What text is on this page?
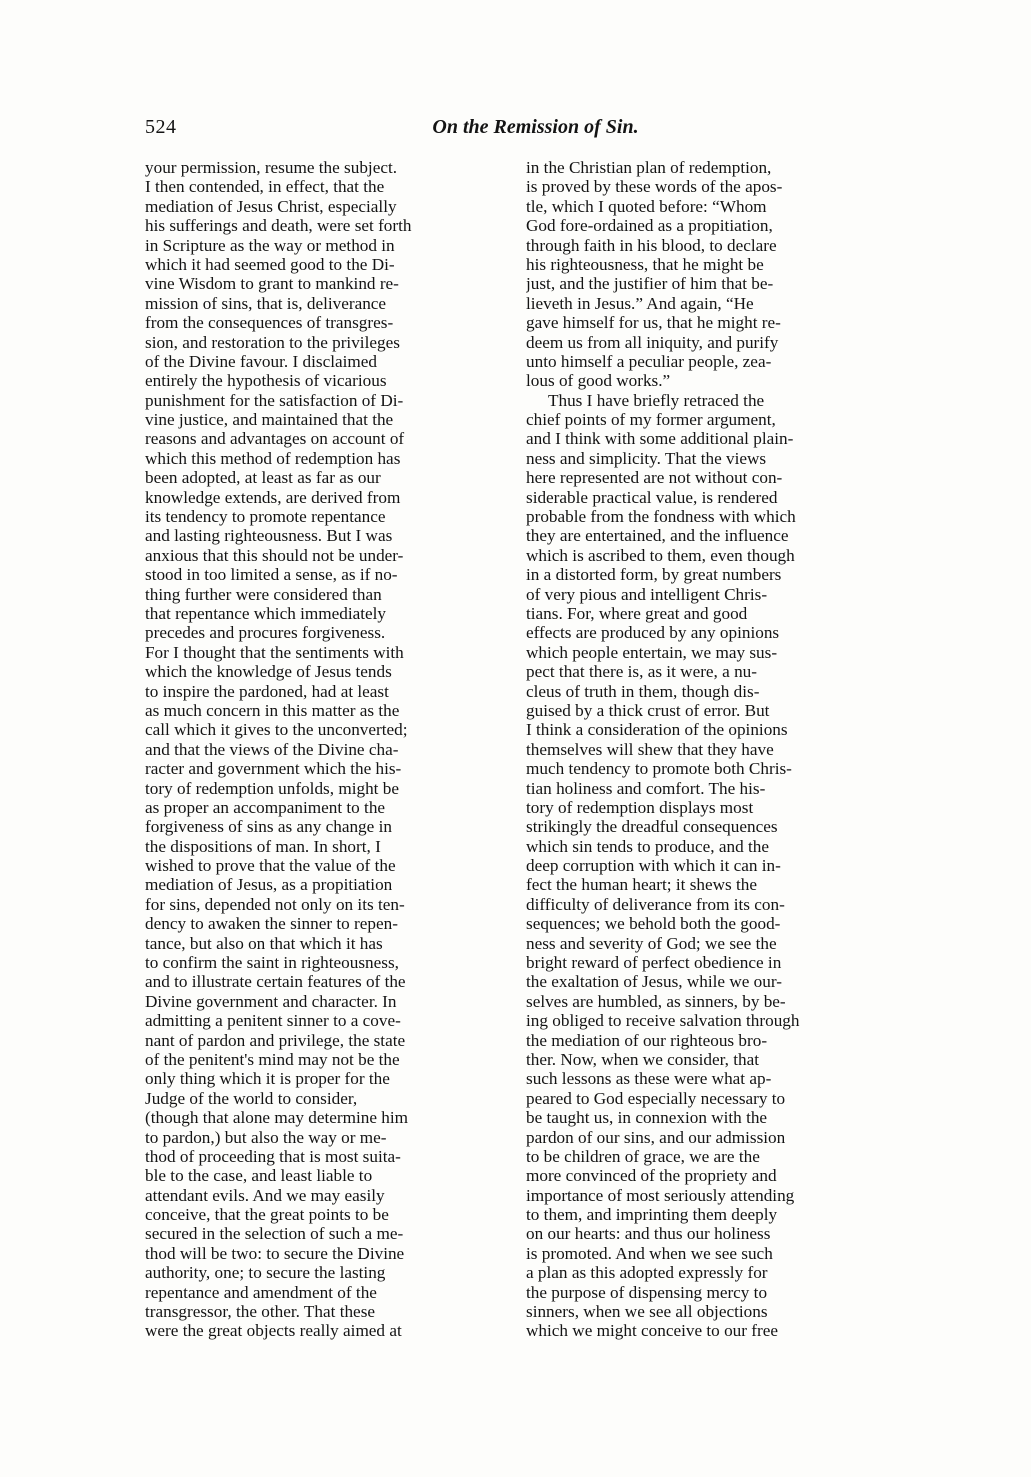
524	On the Remission of Sin.
your permission, resume the subject.
I then contended, in effect, that the
mediation of Jesus Christ, especially
his sufferings and death, were set forth
in Scripture as the way or method in
which it had seemed good to the Di-
vine Wisdom to grant to mankind re-
mission of sins, that is, deliverance
from the consequences of transgres-
sion, and restoration to the privileges
of the Divine favour. I disclaimed
entirely the hypothesis of vicarious
punishment for the satisfaction of Di-
vine justice, and maintained that the
reasons and advantages on account of
which this method of redemption has
been adopted, at least as far as our
knowledge extends, are derived from
its tendency to promote repentance
and lasting righteousness. But I was
anxious that this should not be under-
stood in too limited a sense, as if no-
thing further were considered than
that repentance which immediately
precedes and procures forgiveness.
For I thought that the sentiments with
which the knowledge of Jesus tends
to inspire the pardoned, had at least
as much concern in this matter as the
call which it gives to the unconverted;
and that the views of the Divine cha-
racter and government which the his-
tory of redemption unfolds, might be
as proper an accompaniment to the
forgiveness of sins as any change in
the dispositions of man. In short, I
wished to prove that the value of the
mediation of Jesus, as a propitiation
for sins, depended not only on its ten-
dency to awaken the sinner to repen-
tance, but also on that which it has
to confirm the saint in righteousness,
and to illustrate certain features of the
Divine government and character. In
admitting a penitent sinner to a cove-
nant of pardon and privilege, the state
of the penitent's mind may not be the
only thing which it is proper for the
Judge of the world to consider,
(though that alone may determine him
to pardon,) but also the way or me-
thod of proceeding that is most suita-
ble to the case, and least liable to
attendant evils. And we may easily
conceive, that the great points to be
secured in the selection of such a me-
thod will be two: to secure the Divine
authority, one; to secure the lasting
repentance and amendment of the
transgressor, the other. That these
were the great objects really aimed at
in the Christian plan of redemption,
is proved by these words of the apos-
tle, which I quoted before: “Whom
God fore-ordained as a propitiation,
through faith in his blood, to declare
his righteousness, that he might be
just, and the justifier of him that be-
lieveth in Jesus.” And again, “He
gave himself for us, that he might re-
deem us from all iniquity, and purify
unto himself a peculiar people, zea-
lous of good works.”
Thus I have briefly retraced the
chief points of my former argument,
and I think with some additional plain-
ness and simplicity. That the views
here represented are not without con-
siderable practical value, is rendered
probable from the fondness with which
they are entertained, and the influence
which is ascribed to them, even though
in a distorted form, by great numbers
of very pious and intelligent Chris-
tians. For, where great and good
effects are produced by any opinions
which people entertain, we may sus-
pect that there is, as it were, a nu-
cleus of truth in them, though dis-
guised by a thick crust of error. But
I think a consideration of the opinions
themselves will shew that they have
much tendency to promote both Chris-
tian holiness and comfort. The his-
tory of redemption displays most
strikingly the dreadful consequences
which sin tends to produce, and the
deep corruption with which it can in-
fect the human heart; it shews the
difficulty of deliverance from its con-
sequences; we behold both the good-
ness and severity of God; we see the
bright reward of perfect obedience in
the exaltation of Jesus, while we our-
selves are humbled, as sinners, by be-
ing obliged to receive salvation through
the mediation of our righteous bro-
ther. Now, when we consider, that
such lessons as these were what ap-
peared to God especially necessary to
be taught us, in connexion with the
pardon of our sins, and our admission
to be children of grace, we are the
more convinced of the propriety and
importance of most seriously attending
to them, and imprinting them deeply
on our hearts: and thus our holiness
is promoted. And when we see such
a plan as this adopted expressly for
the purpose of dispensing mercy to
sinners, when we see all objections
which we might conceive to our free
